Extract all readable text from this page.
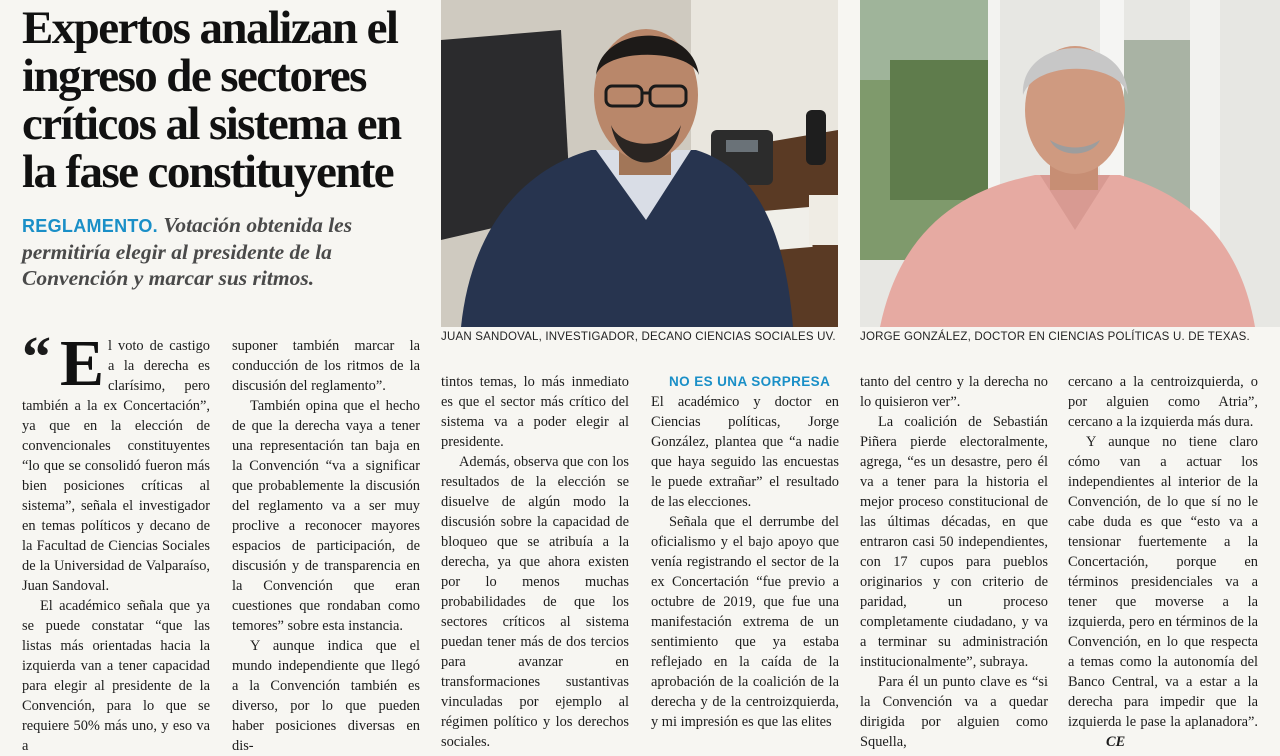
Expertos analizan el ingreso de sectores críticos al sistema en la fase constituyente

REGLAMENTO. Votación obtenida les permitiría elegir al presidente de la Convención y marcar sus ritmos.

JUAN SANDOVAL, INVESTIGADOR, DECANO CIENCIAS SOCIALES UV. JORGE GONZÁLEZ, DOCTOR EN CIENCIAS POLÍTICAS U. DE TEXAS.
“ E l voto de castigo a la derecha es clarísimo, pero también a la ex Concertación”, ya que en la elección de convencionales constituyentes “lo que se consolidó fueron más bien posiciones críticas al sistema”, señala el investigador en temas políticos y decano de la Facultad de Ciencias Sociales de la Universidad de Valparaíso, Juan Sandoval.

El académico señala que ya se puede constatar “que las listas más orientadas hacia la izquierda van a tener capacidad para elegir al presidente de la Convención, para lo que se requiere 50% más uno, y eso va a

suponer también marcar la conducción de los ritmos de la discusión del reglamento”.

También opina que el hecho de que la derecha vaya a tener una representación tan baja en la Convención “va a significar que probablemente la discusión del reglamento va a ser muy proclive a reconocer mayores espacios de participación, de discusión y de transparencia en la Convención que eran cuestiones que rondaban como temores” sobre esta instancia.

Y aunque indica que el mundo independiente que llegó a la Convención también es diverso, por lo que pueden haber posiciones diversas en dis-

tintos temas, lo más inmediato es que el sector más crítico del sistema va a poder elegir al presidente.

Además, observa que con los resultados de la elección se disuelve de algún modo la discusión sobre la capacidad de bloqueo que se atribuía a la derecha, ya que ahora existen por lo menos muchas probabilidades de que los sectores críticos al sistema puedan tener más de dos tercios para avanzar en transformaciones sustantivas vinculadas por ejemplo al régimen político y los derechos sociales.

NO ES UNA SORPRESA

El académico y doctor en Ciencias políticas, Jorge González, plantea que “a nadie que haya seguido las encuestas le puede extrañar” el resultado de las elecciones.

Señala que el derrumbe del oficialismo y el bajo apoyo que venía registrando el sector de la ex Concertación “fue previo a octubre de 2019, que fue una manifestación extrema de un sentimiento que ya estaba reflejado en la caída de la aprobación de la coalición de la derecha y de la centroizquierda, y mi impresión es que las elites

tanto del centro y la derecha no lo quisieron ver”.

La coalición de Sebastián Piñera pierde electoralmente, agrega, “es un desastre, pero él va a tener para la historia el mejor proceso constitucional de las últimas décadas, en que entraron casi 50 independientes, con 17 cupos para pueblos originarios y con criterio de paridad, un proceso completamente ciudadano, y va a terminar su administración institucionalmente”, subraya.

Para él un punto clave es “si la Convención va a quedar dirigida por alguien como Squella,

cercano a la centroizquierda, o por alguien como Atria”, cercano a la izquierda más dura.

Y aunque no tiene claro cómo van a actuar los independientes al interior de la Convención, de lo que sí no le cabe duda es que “esto va a tensionar fuertemente a la Concertación, porque en términos presidenciales va a tener que moverse a la izquierda, pero en términos de la Convención, en lo que respecta a temas como la autonomía del Banco Central, va a estar a la derecha para impedir que la izquierda le pase la aplanadora”.CE
